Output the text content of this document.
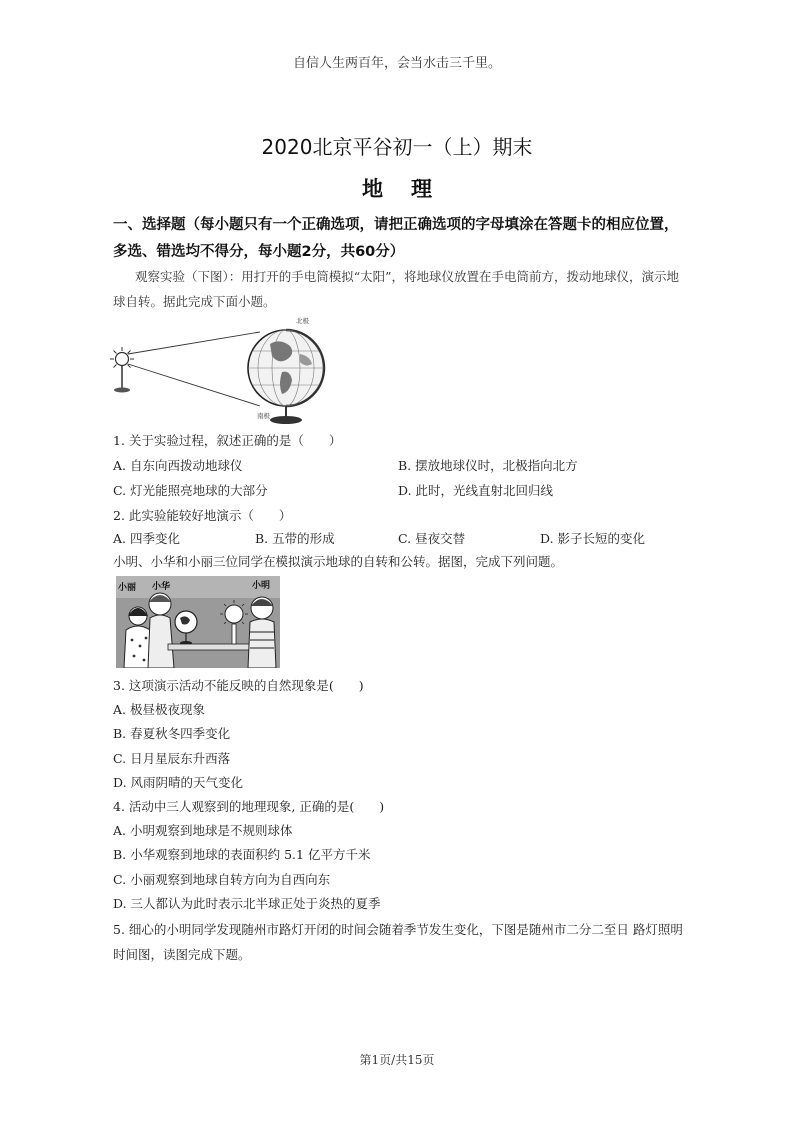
自信人生两百年，会当水击三千里。
2020北京平谷初一（上）期末
地理
一、选择题（每小题只有一个正确选项，请把正确选项的字母填涂在答题卡的相应位置，多选、错选均不得分，每小题2分，共60分）
观察实验（下图）：用打开的手电筒模拟“太阳”，将地球仪放置在手电筒前方，拨动地球仪，演示地球自转。据此完成下面小题。
北极
南极
1. 关于实验过程，叙述正确的是（　　）
A. 自东向西拨动地球仪	B. 摆放地球仪时，北极指向北方
C. 灯光能照亮地球的大部分	D. 此时，光线直射北回归线
2. 此实验能较好地演示（　　）
A. 四季变化	B. 五带的形成	C. 昼夜交替	D. 影子长短的变化
小明、小华和小丽三位同学在模拟演示地球的自转和公转。据图，完成下列问题。
小丽 小华	小明
3. 这项演示活动不能反映的自然现象是(　　)
A. 极昼极夜现象
B. 春夏秋冬四季变化
C. 日月星辰东升西落
D. 风雨阴晴的天气变化
4. 活动中三人观察到的地理现象, 正确的是(　　)
A. 小明观察到地球是不规则球体
B. 小华观察到地球的表面积约 5.1 亿平方千米
C. 小丽观察到地球自转方向为自西向东
D. 三人都认为此时表示北半球正处于炎热的夏季
5. 细心的小明同学发现随州市路灯开闭的时间会随着季节发生变化，下图是随州市二分二至日 路灯照明时间图，读图完成下题。
第1页/共15页
